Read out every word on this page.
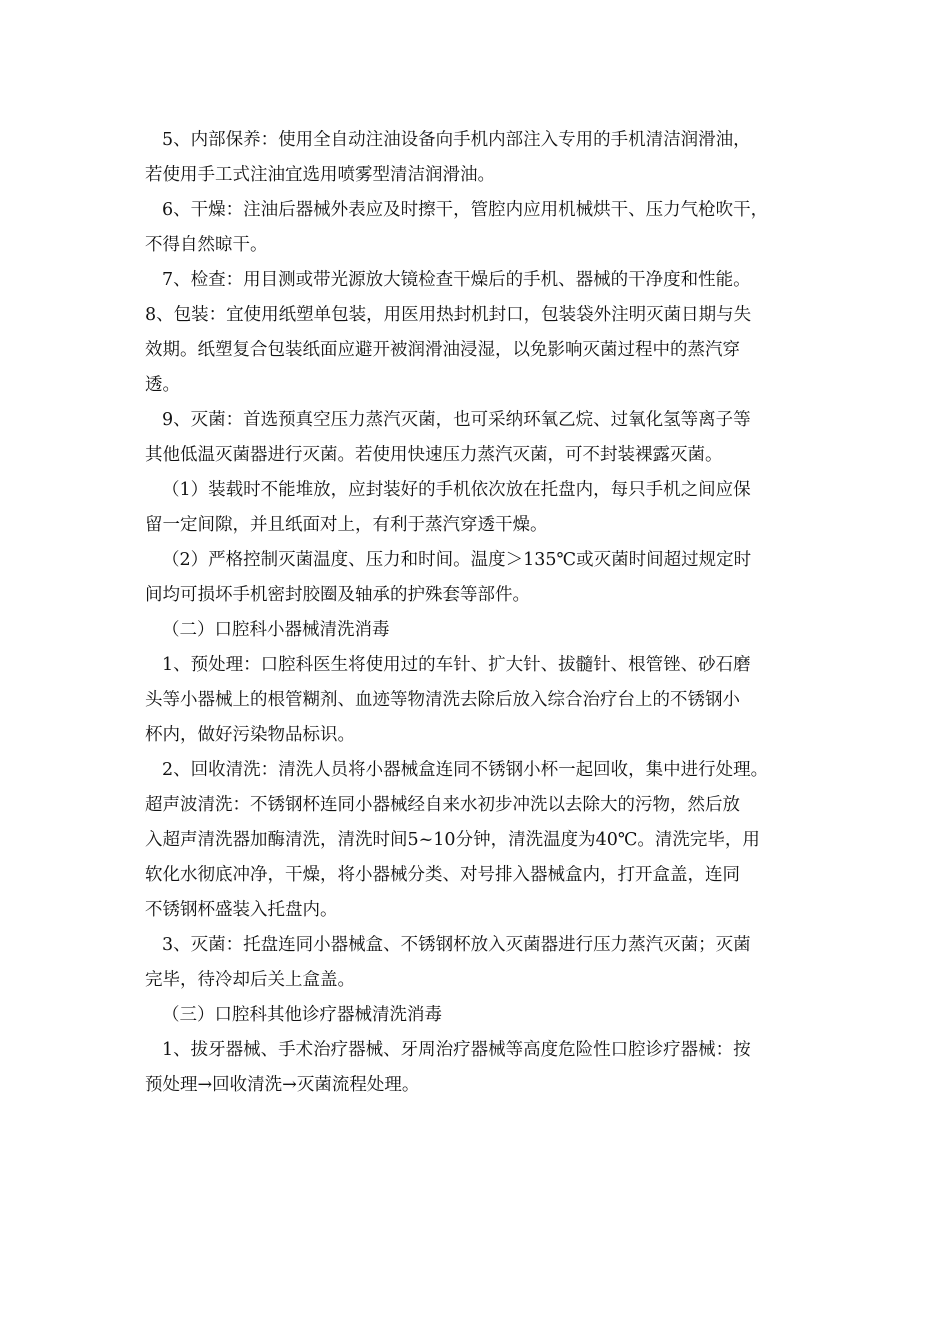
5、内部保养：使用全自动注油设备向手机内部注入专用的手机清洁润滑油，

若使用手工式注油宜选用喷雾型清洁润滑油。

6、干燥：注油后器械外表应及时擦干，管腔内应用机械烘干、压力气枪吹干，

不得自然晾干。

7、检查：用目测或带光源放大镜检查干燥后的手机、器械的干净度和性能。

8、包装：宜使用纸塑单包装，用医用热封机封口，包装袋外注明灭菌日期与失

效期。纸塑复合包装纸面应避开被润滑油浸湿，以免影响灭菌过程中的蒸汽穿

透。

9、灭菌：首选预真空压力蒸汽灭菌，也可采纳环氧乙烷、过氧化氢等离子等

其他低温灭菌器进行灭菌。若使用快速压力蒸汽灭菌，可不封装裸露灭菌。

（1）装载时不能堆放，应封装好的手机依次放在托盘内，每只手机之间应保

留一定间隙，并且纸面对上，有利于蒸汽穿透干燥。

（2）严格控制灭菌温度、压力和时间。温度＞135℃或灭菌时间超过规定时

间均可损坏手机密封胶圈及轴承的护殊套等部件。

（二）口腔科小器械清洗消毒

1、预处理：口腔科医生将使用过的车针、扩大针、拔髓针、根管锉、砂石磨

头等小器械上的根管糊剂、血迹等物清洗去除后放入综合治疗台上的不锈钢小

杯内，做好污染物品标识。

2、回收清洗：清洗人员将小器械盒连同不锈钢小杯一起回收，集中进行处理。

超声波清洗：不锈钢杯连同小器械经自来水初步冲洗以去除大的污物，然后放

入超声清洗器加酶清洗，清洗时间5~10分钟，清洗温度为40℃。清洗完毕，用

软化水彻底冲净，干燥，将小器械分类、对号排入器械盒内，打开盒盖，连同

不锈钢杯盛装入托盘内。

3、灭菌：托盘连同小器械盒、不锈钢杯放入灭菌器进行压力蒸汽灭菌；灭菌

完毕，待冷却后关上盒盖。

（三）口腔科其他诊疗器械清洗消毒

1、拔牙器械、手术治疗器械、牙周治疗器械等高度危险性口腔诊疗器械：按

预处理→回收清洗→灭菌流程处理。
